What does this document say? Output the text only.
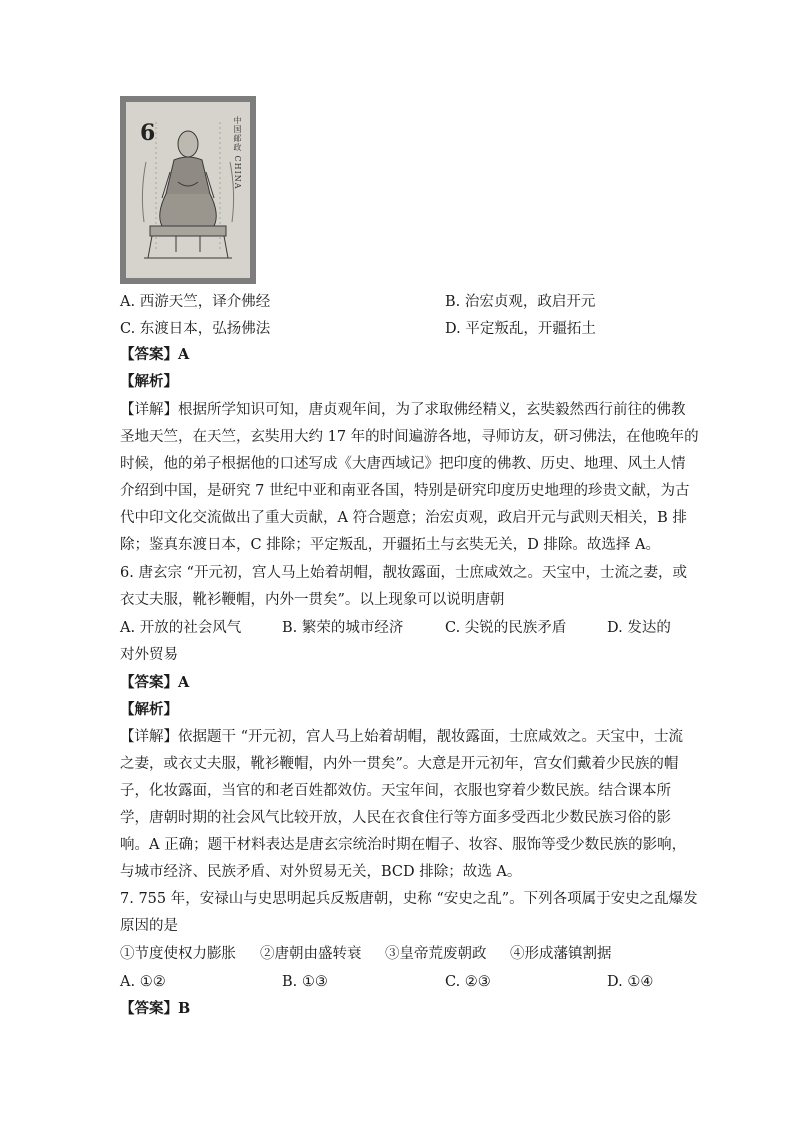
6	中国邮政 CHINA
A. 西游天竺，译介佛经	B. 治宏贞观，政启开元
C. 东渡日本，弘扬佛法	D. 平定叛乱，开疆拓土
【答案】A
【解析】
【详解】根据所学知识可知，唐贞观年间，为了求取佛经精义，玄奘毅然西行前往的佛教
圣地天竺，在天竺，玄奘用大约 17 年的时间遍游各地，寻师访友，研习佛法，在他晚年的
时候，他的弟子根据他的口述写成《大唐西域记》把印度的佛教、历史、地理、风土人情
介绍到中国，是研究 7 世纪中亚和南亚各国，特别是研究印度历史地理的珍贵文献，为古
代中印文化交流做出了重大贡献，A 符合题意；治宏贞观，政启开元与武则天相关，B 排
除；鉴真东渡日本，C 排除；平定叛乱，开疆拓土与玄奘无关，D 排除。故选择 A。
6. 唐玄宗 “开元初，宫人马上始着胡帽，靓妆露面，士庶咸效之。天宝中，士流之妻，或
衣丈夫服，靴衫鞭帽，内外一贯矣”。以上现象可以说明唐朝
A. 开放的社会风气	B. 繁荣的城市经济	C. 尖锐的民族矛盾	D. 发达的
对外贸易
【答案】A
【解析】
【详解】依据题干 “开元初，宫人马上始着胡帽，靓妆露面，士庶咸效之。天宝中，士流
之妻，或衣丈夫服，靴衫鞭帽，内外一贯矣”。大意是开元初年，宫女们戴着少民族的帽
子，化妆露面，当官的和老百姓都效仿。天宝年间，衣服也穿着少数民族。结合课本所
学，唐朝时期的社会风气比较开放，人民在衣食住行等方面多受西北少数民族习俗的影
响。A 正确；题干材料表达是唐玄宗统治时期在帽子、妆容、服饰等受少数民族的影响，
与城市经济、民族矛盾、对外贸易无关，BCD 排除；故选 A。
7. 755 年，安禄山与史思明起兵反叛唐朝，史称 “安史之乱”。下列各项属于安史之乱爆发
原因的是
①节度使权力膨胀 ②唐朝由盛转衰 ③皇帝荒废朝政 ④形成藩镇割据
A. ①②	B. ①③	C. ②③	D. ①④
【答案】B
